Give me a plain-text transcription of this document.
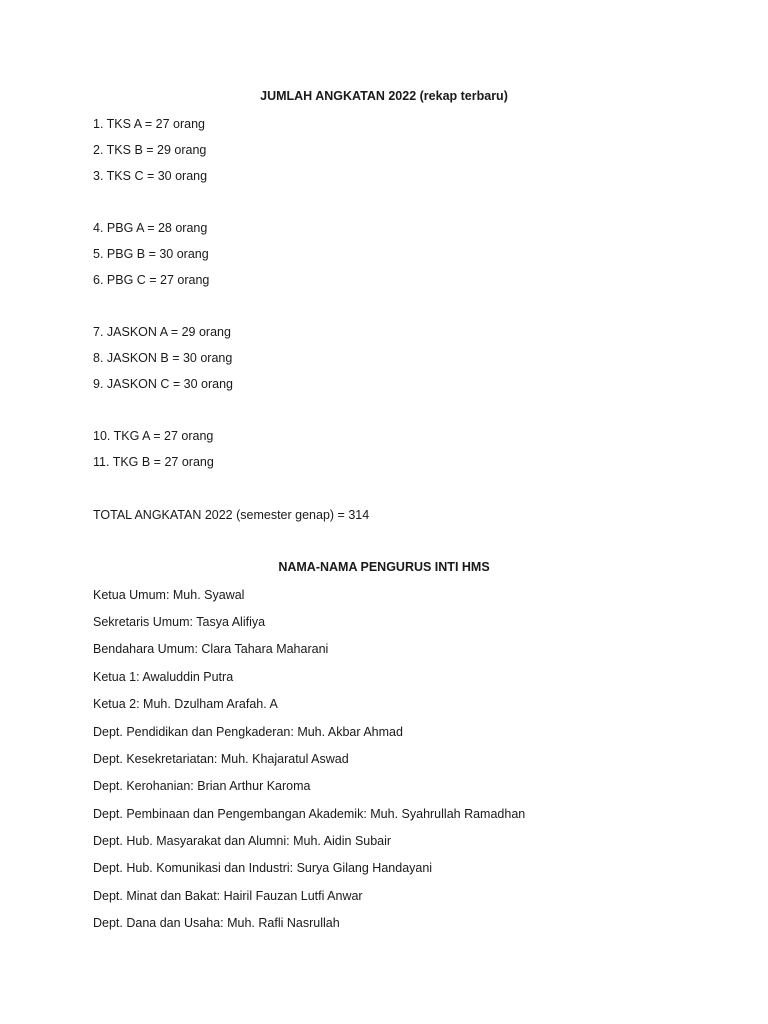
JUMLAH ANGKATAN 2022 (rekap terbaru)
1. TKS A = 27 orang
2. TKS B = 29 orang
3. TKS C = 30 orang
4. PBG A = 28 orang
5. PBG B = 30 orang
6. PBG C = 27 orang
7. JASKON A = 29 orang
8. JASKON B = 30 orang
9. JASKON C = 30 orang
10. TKG A = 27 orang
11. TKG B = 27 orang
TOTAL ANGKATAN 2022 (semester genap) = 314
NAMA-NAMA PENGURUS INTI HMS
Ketua Umum: Muh. Syawal
Sekretaris Umum: Tasya Alifiya
Bendahara Umum: Clara Tahara Maharani
Ketua 1: Awaluddin Putra
Ketua 2: Muh. Dzulham Arafah. A
Dept. Pendidikan dan Pengkaderan: Muh. Akbar Ahmad
Dept. Kesekretariatan: Muh. Khajaratul Aswad
Dept. Kerohanian: Brian Arthur Karoma
Dept. Pembinaan dan Pengembangan Akademik: Muh. Syahrullah Ramadhan
Dept. Hub. Masyarakat dan Alumni: Muh. Aidin Subair
Dept. Hub. Komunikasi dan Industri: Surya Gilang Handayani
Dept. Minat dan Bakat: Hairil Fauzan Lutfi Anwar
Dept. Dana dan Usaha: Muh. Rafli Nasrullah
